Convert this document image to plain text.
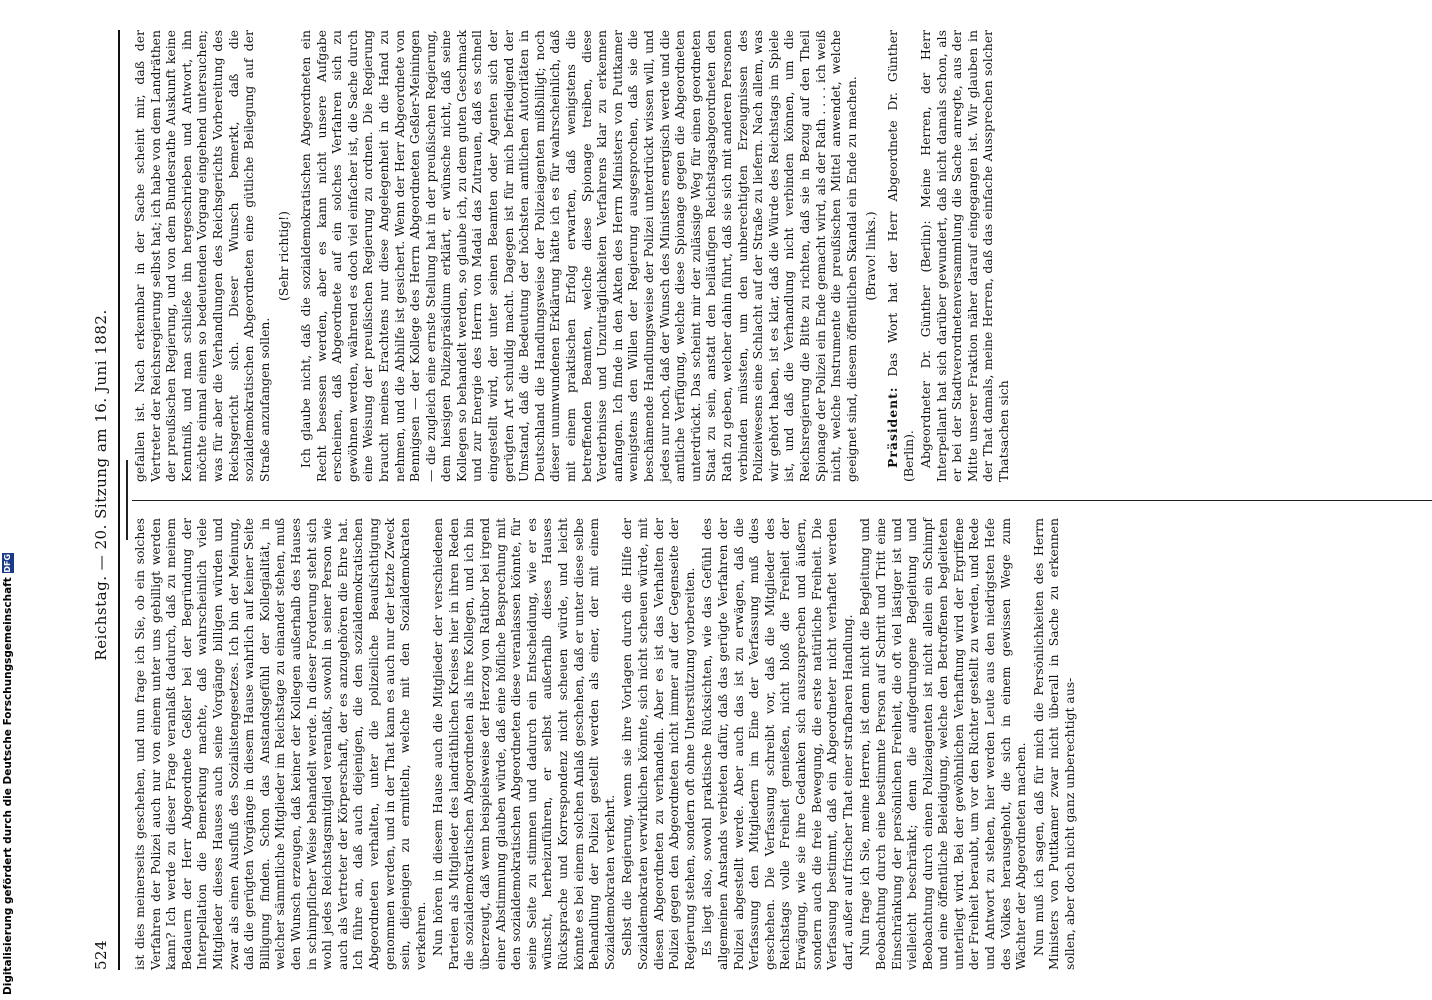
Digitalisierung gefördert durch die Deutsche Forschungsgemeinschaft
DFG
524
Reichstag. — 20. Sitzung am 16. Juni 1882.

ist dies meinerseits geschehen, und nun frage ich Sie, ob ein solches Verfahren der Polizei auch nur von einem unter uns gebilligt werden kann? Ich werde zu dieser Frage veranlaßt dadurch, daß zu meinem Bedauern der Herr Abgeordnete Geßler bei der Begründung der Interpellation die Bemerkung machte, daß wahrscheinlich viele Mitglieder dieses Hauses auch seine Vorgänge billigen würden und zwar als einen Ausfluß des Sozialistengesetzes. Ich bin der Meinung, daß die gerügten Vorgänge in diesem Hause wahrlich auf keiner Seite Billigung finden. Schon das Anstandsgefühl der Kollegialität, in welcher sämmtliche Mitglieder im Reichstage zu einander stehen, muß den Wunsch erzeugen, daß keiner der Kollegen außerhalb des Hauses in schimpflicher Weise behandelt werde. In dieser Forderung steht sich wohl jedes Reichstagsmitglied veranlaßt, sowohl in seiner Person wie auch als Vertreter der Körperschaft, der es anzugehören die Ehre hat. Ich führe an, daß auch diejenigen, die den sozialdemokratischen Abgeordneten verhalten, unter die polizeiliche Beaufsichtigung genommen werden, und in der That kann es auch nur der letzte Zweck sein, diejenigen zu ermitteln, welche mit den Sozialdemokraten verkehren. Nun hören in diesem Hause auch die Mitglieder der verschiedenen Parteien als Mitglieder des landräthlichen Kreises hier in ihren Reden die sozialdemokratischen Abgeordneten als ihre Kollegen, und ich bin überzeugt, daß wenn beispielsweise der Herzog von Ratibor bei irgend einer Abstimmung glauben würde, daß eine höfliche Besprechung mit den sozialdemokratischen Abgeordneten diese veranlassen könnte, für seine Seite zu stimmen und dadurch ein Entscheidung, wie er es wünscht, herbeizuführen, er selbst außerhalb dieses Hauses Rücksprache und Korrespondenz nicht scheuen würde, und leicht könnte es bei einem solchen Anlaß geschehen, daß er unter diese selbe Behandlung der Polizei gestellt werden als einer, der mit einem Sozialdemokraten verkehrt. Selbst die Regierung, wenn sie ihre Vorlagen durch die Hilfe der Sozialdemokraten verwirklichen könnte, sich nicht scheuen würde, mit diesen Abgeordneten zu verhandeln. Aber es ist das Verhalten der Polizei gegen den Abgeordneten nicht immer auf der Gegenseite der Regierung stehen, sondern oft ohne Unterstützung vorbereiten. Es liegt also, sowohl praktische Rücksichten, wie das Gefühl des allgemeinen Anstands verbieten dafür, daß das gerügte Verfahren der Polizei abgestellt werde. Aber auch das ist zu erwägen, daß die Verfassung den Mitgliedern im Eine der Verfassung muß dies geschehen. Die Verfassung schreibt vor, daß die Mitglieder des Reichstags volle Freiheit genießen, nicht bloß die Freiheit der Erwägung, wie sie ihre Gedanken sich auszusprechen und äußern, sondern auch die freie Bewegung, die erste natürliche Freiheit. Die Verfassung bestimmt, daß ein Abgeordneter nicht verhaftet werden darf, außer auf frischer That einer strafbaren Handlung. Nun frage ich Sie, meine Herren, ist denn nicht die Begleitung und Beobachtung durch eine bestimmte Person auf Schritt und Tritt eine Einschränkung der persönlichen Freiheit, die oft viel lästiger ist und vielleicht beschränkt; denn die aufgedrungene Begleitung und Beobachtung durch einen Polizeiagenten ist nicht allein ein Schimpf und eine öffentliche Beleidigung, welche den Betroffenen begleiteten unterliegt wird. Bei der gewöhnlichen Verhaftung wird der Ergriffene der Freiheit beraubt, um vor den Richter gestellt zu werden, und Rede und Antwort zu stehen, hier werden Leute aus den niedrigsten Hefe des Volkes herausgeholt, die sich in einem gewissen Wege zum Wächter der Abgeordneten machen. Nun muß ich sagen, daß für mich die Persönlichkeiten des Herrn Ministers von Puttkamer zwar nicht überall in Sache zu erkennen sollen, aber doch nicht ganz unberechtigt aus-

gefallen ist. Nach erkennbar in der Sache scheint mir, daß der Vertreter der Reichsregierung selbst hat; ich habe von dem Landräthen der preußischen Regierung, und von dem Bundesrathe Auskunft keine Kenntniß, und man schließe ihn hergeschrieben und Antwort, ihn möchte einmal einen so bedeutenden Vorgang eingehend untersuchen; was für aber die Verhandlungen des Reichsgerichts Vorbereitung des Reichsgericht sich. Dieser Wunsch bemerkt, daß die sozialdemokratischen Abgeordneten eine gütliche Beilegung auf der Straße anzufangen sollen.

(Sehr richtig!) Ich glaube nicht, daß die sozialdemokratischen Abgeordneten ein Recht besessen werden, aber es kann nicht unsere Aufgabe erscheinen, daß Abgeordnete auf ein solches Verfahren sich zu gewöhnen werden, während es doch viel einfacher ist, die Sache durch eine Weisung der preußischen Regierung zu ordnen. Die Regierung braucht meines Erachtens nur diese Angelegenheit in die Hand zu nehmen, und die Abhilfe ist gesichert. Wenn der Herr Abgeordnete von Bennigsen — der Kollege des Herrn Abgeordneten Geßler-Meiningen — die zugleich eine ernste Stellung hat in der preußischen Regierung, dem hiesigen Polizeipräsidium erklärt, er wünsche nicht, daß seine Kollegen so behandelt werden, so glaube ich, zu dem guten Geschmack und zur Energie des Herrn von Madai das Zutrauen, daß es schnell eingestellt wird, der unter seinen Beamten oder Agenten sich der gerügten Art schuldig macht. Dagegen ist für mich befriedigend der Umstand, daß die Bedeutung der höchsten amtlichen Autoritäten in Deutschland die Handlungsweise der Polizeiagenten mißbilligt; noch dieser unumwundenen Erklärung hätte ich es für wahrscheinlich, daß mit einem praktischen Erfolg erwarten, daß wenigstens die betreffenden Beamten, welche diese Spionage treiben, diese Verderbnisse und Unzuträglichkeiten Verfahrens klar zu erkennen anfangen. Ich finde in den Akten des Herrn Ministers von Puttkamer wenigstens den Willen der Regierung ausgesprochen, daß sie die beschämende Handlungsweise der Polizei unterdrückt wissen will, und jedes nur noch, daß der Wunsch des Ministers energisch werde und die amtliche Verfügung, welche diese Spionage gegen die Abgeordneten unterdrückt. Das scheint mir der zulässige Weg für einen geordneten Staat zu sein, anstatt den beiläufigen Reichstagsabgeordneten den Rath zu geben, welcher dahin führt, daß sie sich mit anderen Personen verbinden müssten, um den unberechtigten Erzeugnissen des Polizeiwesens eine Schlacht auf der Straße zu liefern. Nach allem, was wir gehört haben, ist es klar, daß die Würde des Reichstags im Spiele ist, und daß die Verhandlung nicht verbinden können, um die Reichsregierung die Bitte zu richten, daß sie in Bezug auf den Theil Spionage der Polizei ein Ende gemacht wird, als der Rath . . . . ich weiß nicht, welche Instrumente die preußischen Mittel anwendet, welche geeignet sind, diesem öffentlichen Skandal ein Ende zu machen. (Bravo! links.)

Präsident: Das Wort hat der Herr Abgeordnete Dr. Günther (Berlin). Abgeordneter Dr. Günther (Berlin): Meine Herren, der Herr Interpellant hat sich darüber gewundert, daß nicht damals schon, als er bei der Stadtverordnetenversammlung die Sache anregte, aus der Mitte unserer Fraktion näher darauf eingegangen ist. Wir glauben in der That damals, meine Herren, daß das einfache Aussprechen solcher Thatsachen sich
